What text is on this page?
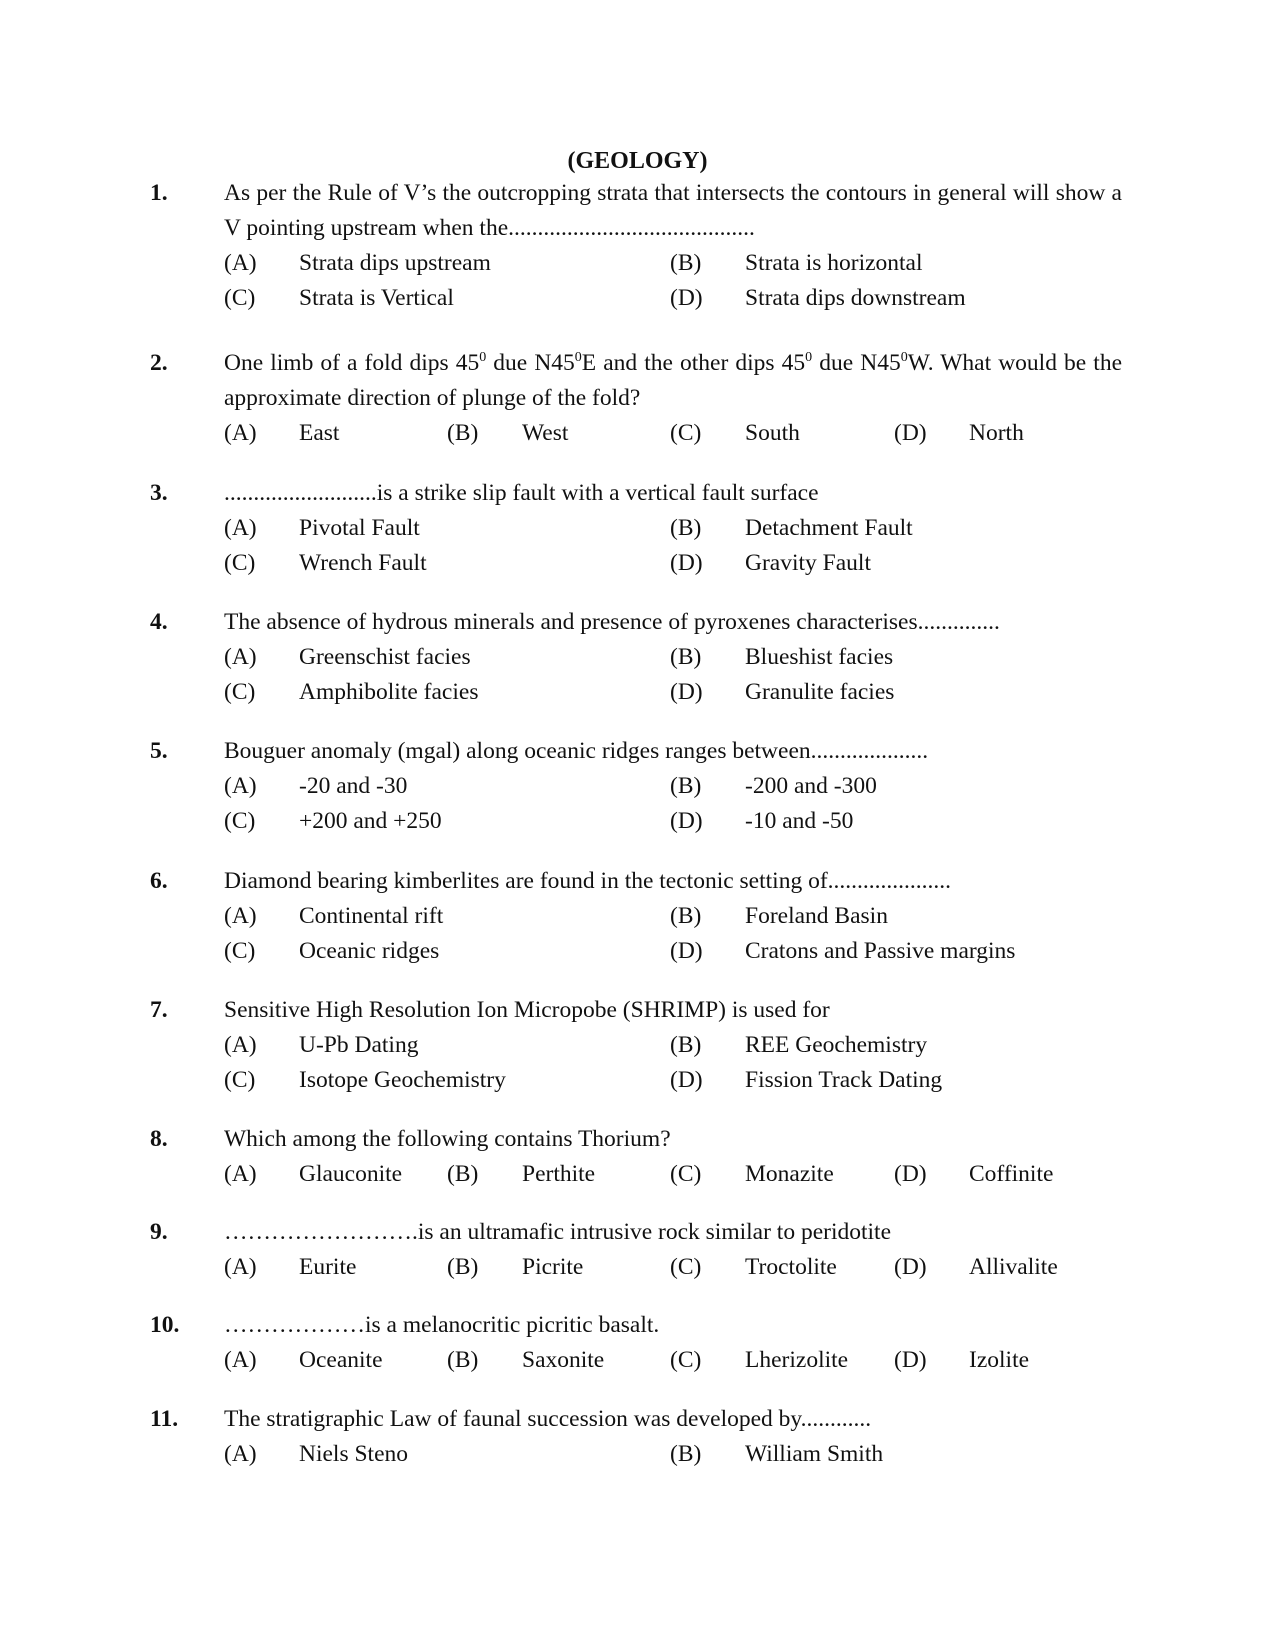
(GEOLOGY)
1. As per the Rule of V’s the outcropping strata that intersects the contours in general will show a V pointing upstream when the..........................................
(A) Strata dips upstream	(B) Strata is horizontal
(C) Strata is Vertical	(D) Strata dips downstream
2. One limb of a fold dips $45^0$ due $N45^0E$ and the other dips $45^0$ due $N45^0W$. What would be the approximate direction of plunge of the fold?
(A) East	(B) West	(C) South	(D) North
3. ..........................is a strike slip fault with a vertical fault surface
(A) Pivotal Fault	(B) Detachment Fault
(C) Wrench Fault	(D) Gravity Fault
4. The absence of hydrous minerals and presence of pyroxenes characterises..............
(A) Greenschist facies	(B) Blueshist facies
(C) Amphibolite facies	(D) Granulite facies
5. Bouguer anomaly (mgal) along oceanic ridges ranges between....................
(A) -20 and -30	(B) -200 and -300
(C) +200 and +250	(D) -10 and -50
6. Diamond bearing kimberlites are found in the tectonic setting of.....................
(A) Continental rift	(B) Foreland Basin
(C) Oceanic ridges	(D) Cratons and Passive margins
7. Sensitive High Resolution Ion Micropobe (SHRIMP) is used for
(A) U-Pb Dating	(B) REE Geochemistry
(C) Isotope Geochemistry	(D) Fission Track Dating
8. Which among the following contains Thorium?
(A) Glauconite (B) Perthite	(C) Monazite	(D) Coffinite
9. …………………….is an ultramafic intrusive rock similar to peridotite
(A) Eurite	(B) Picrite	(C) Troctolite (D) Allivalite
10. ………………is a melanocritic picritic basalt.
(A) Oceanite	(B) Saxonite	(C) Lherizolite (D) Izolite
11. The stratigraphic Law of faunal succession was developed by............
(A) Niels Steno	(B) William Smith
